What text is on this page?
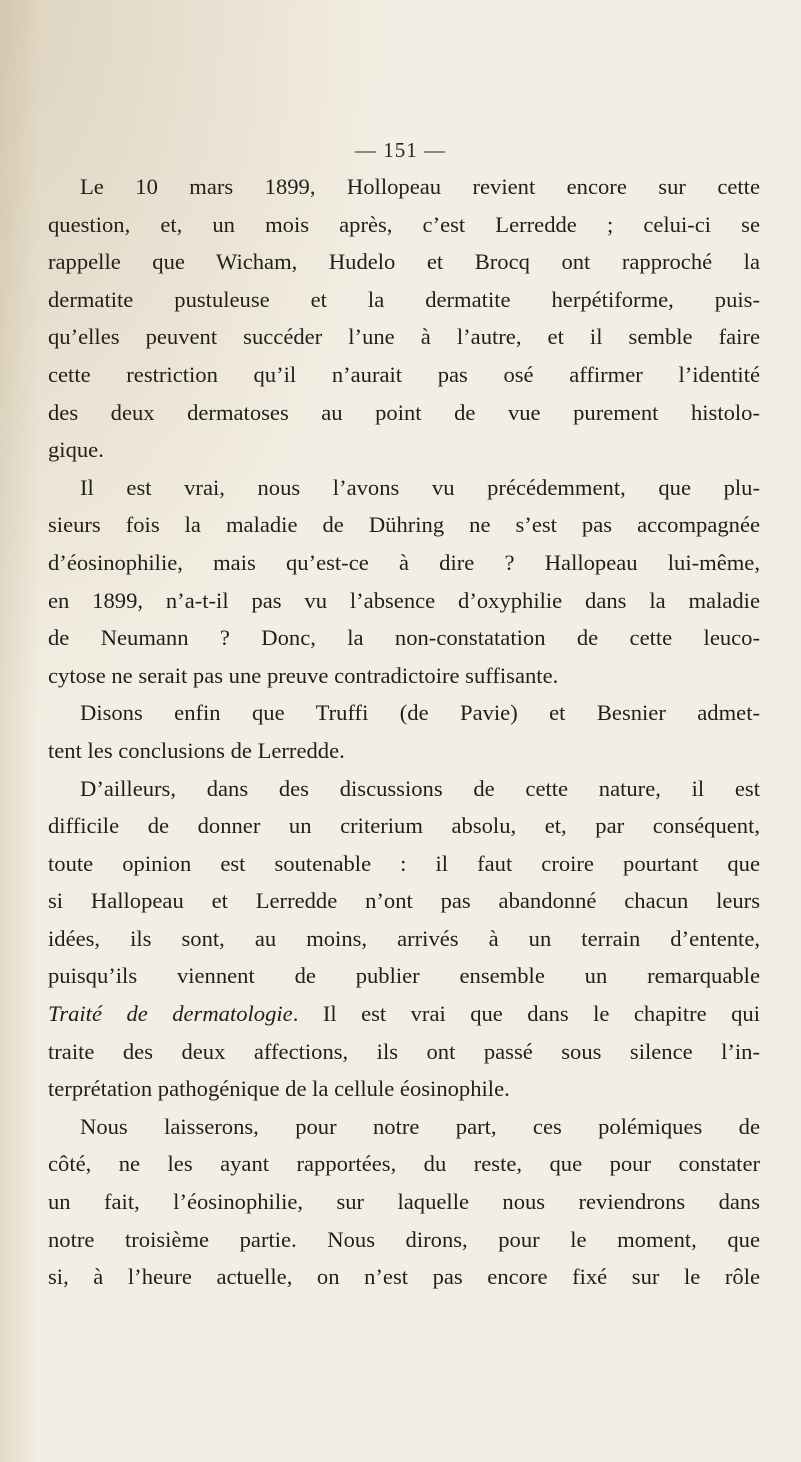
— 151 —
Le 10 mars 1899, Hollopeau revient encore sur cette
question, et, un mois après, c’est Lerredde ; celui-ci se
rappelle que Wicham, Hudelo et Brocq ont rapproché la
dermatite pustuleuse et la dermatite herpétiforme, puis-
qu’elles peuvent succéder l’une à l’autre, et il semble faire
cette restriction qu’il n’aurait pas osé affirmer l’identité
des deux dermatoses au point de vue purement histolo-
gique.
Il est vrai, nous l’avons vu précédemment, que plu-
sieurs fois la maladie de Dühring ne s’est pas accompagnée
d’éosinophilie, mais qu’est-ce à dire ? Hallopeau lui-même,
en 1899, n’a-t-il pas vu l’absence d’oxyphilie dans la maladie
de Neumann ? Donc, la non-constatation de cette leuco-
cytose ne serait pas une preuve contradictoire suffisante.
Disons enfin que Truffi (de Pavie) et Besnier admet-
tent les conclusions de Lerredde.
D’ailleurs, dans des discussions de cette nature, il est
difficile de donner un criterium absolu, et, par conséquent,
toute opinion est soutenable : il faut croire pourtant que
si Hallopeau et Lerredde n’ont pas abandonné chacun leurs
idées, ils sont, au moins, arrivés à un terrain d’entente,
puisqu’ils viennent de publier ensemble un remarquable
Traité de dermatologie. Il est vrai que dans le chapitre qui
traite des deux affections, ils ont passé sous silence l’in-
terprétation pathogénique de la cellule éosinophile.
Nous laisserons, pour notre part, ces polémiques de
côté, ne les ayant rapportées, du reste, que pour constater
un fait, l’éosinophilie, sur laquelle nous reviendrons dans
notre troisième partie. Nous dirons, pour le moment, que
si, à l’heure actuelle, on n’est pas encore fixé sur le rôle
